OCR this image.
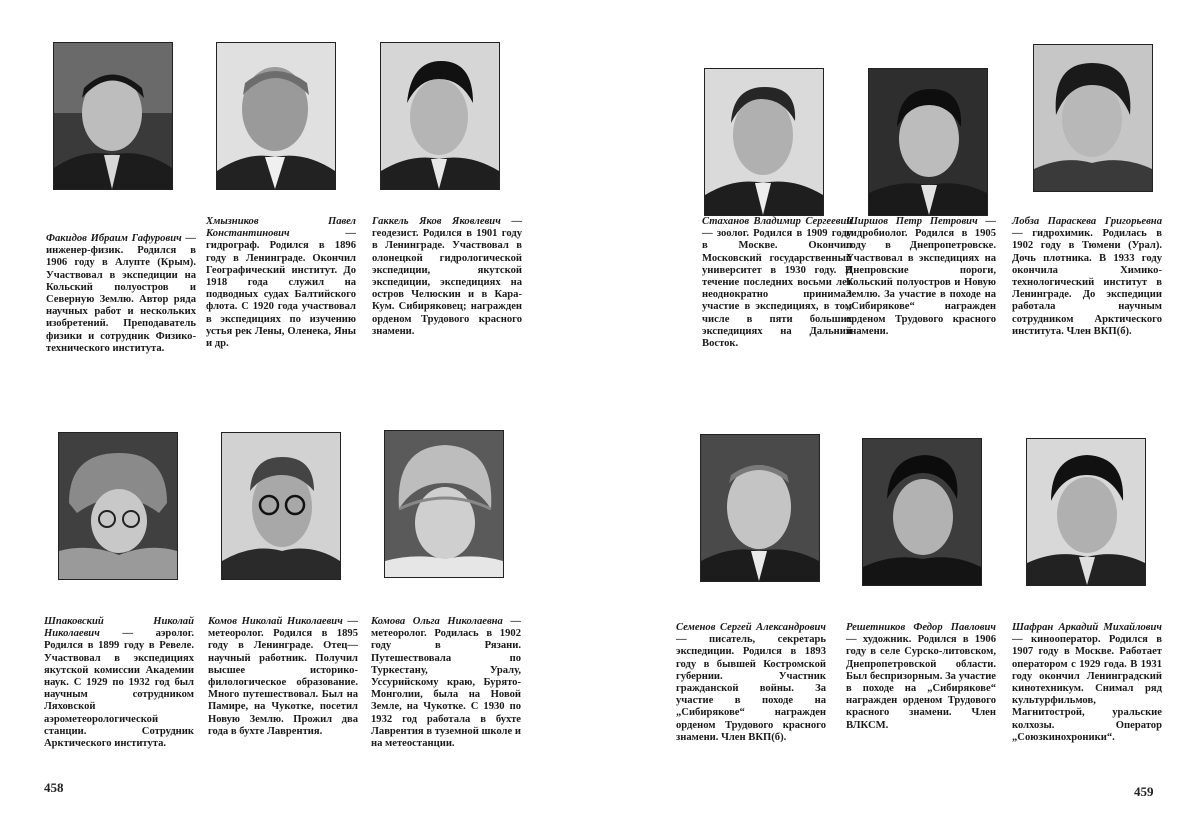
Факидов Ибраим Гафурович — инженер-физик. Родился в 1906 году в Алупте (Крым). Участвовал в экспедиции на Кольский полуостров и Северную Землю. Автор ряда научных работ и нескольких изобретений. Преподаватель физики и сотрудник Физико-технического института.
Хмызников Павел Константинович — гидрограф. Родился в 1896 году в Ленинграде. Окончил Географический институт. До 1918 года служил на подводных судах Балтийского флота. С 1920 года участвовал в экспедициях по изучению устья рек Лены, Оленека, Яны и др.
Гаккель Яков Яковлевич — геодезист. Родился в 1901 году в Ленинграде. Участвовал в олонецкой гидрологической экспедиции, якутской экспедиции, экспедициях на остров Челюскин и в Кара-Кум. Сибиряковец; награжден орденом Трудового красного знамени.
Шпаковский Николай Николаевич — аэролог. Родился в 1899 году в Ревеле. Участвовал в экспедициях якутской комиссии Академии наук. С 1929 по 1932 год был научным сотрудником Ляховской аэрометеорологической станции. Сотрудник Арктического института.
Комов Николай Николаевич — метеоролог. Родился в 1895 году в Ленинграде. Отец—научный работник. Получил высшее историко-филологическое образование. Много путешествовал. Был на Памире, на Чукотке, посетил Новую Землю. Прожил два года в бухте Лаврентия.
Комова Ольга Николаевна — метеоролог. Родилась в 1902 году в Рязани. Путешествовала по Туркестану, Уралу, Уссурийскому краю, Бурято-Монголии, была на Новой Земле, на Чукотке. С 1930 по 1932 год работала в бухте Лаврентия в туземной школе и на метеостанции.
458
Стаханов Владимир Сергеевич — зоолог. Родился в 1909 году в Москве. Окончил Московский государственный университет в 1930 году. В течение последних восьми лет неоднократно принимал участие в экспедициях, в том числе в пяти больших экспедициях на Дальний Восток.
Ширшов Петр Петрович — гидробиолог. Родился в 1905 году в Днепропетровске. Участвовал в экспедициях на Днепровские пороги, Кольский полуостров и Новую Землю. За участие в походе на „Сибирякове“ награжден орденом Трудового красного знамени.
Лобза Параскева Григорьевна — гидрохимик. Родилась в 1902 году в Тюмени (Урал). Дочь плотника. В 1933 году окончила Химико-технологический институт в Ленинграде. До экспедиции работала научным сотрудником Арктического института. Член ВКП(б).
Семенов Сергей Александрович — писатель, секретарь экспедиции. Родился в 1893 году в бывшей Костромской губернии. Участник гражданской войны. За участие в походе на „Сибирякове“ награжден орденом Трудового красного знамени. Член ВКП(б).
Решетников Федор Павлович — художник. Родился в 1906 году в селе Сурско-литовском, Днепропетровской области. Был беспризорным. За участие в походе на „Сибирякове“ награжден орденом Трудового красного знамени. Член ВЛКСМ.
Шафран Аркадий Михайлович — кинооператор. Родился в 1907 году в Москве. Работает оператором с 1929 года. В 1931 году окончил Ленинградский кинотехникум. Снимал ряд культурфильмов, Магнитострой, уральские колхозы. Оператор „Союзкинохроники“.
459
